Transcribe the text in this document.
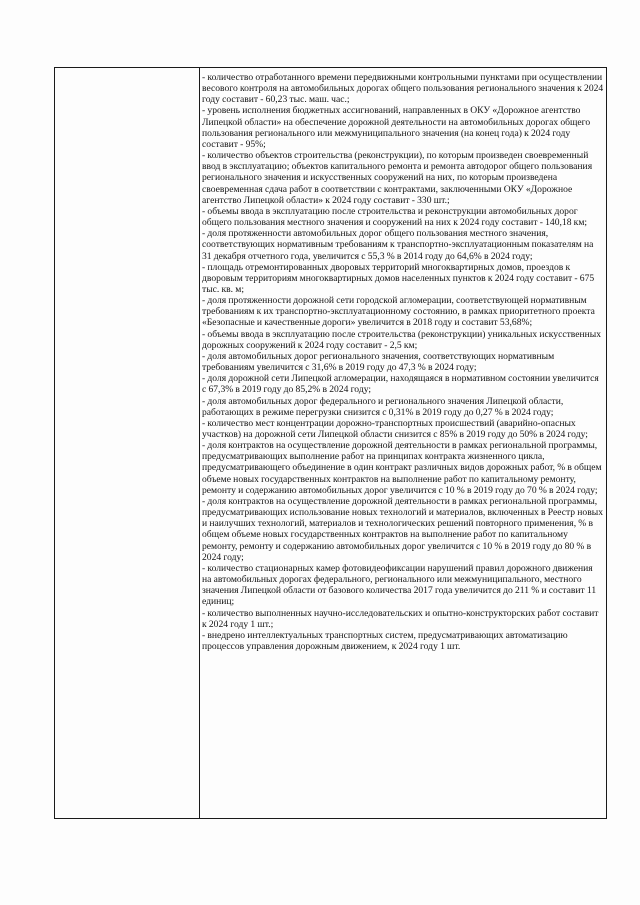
- количество отработанного времени передвижными контрольными пунктами при осуществлении весового контроля на автомобильных дорогах общего пользования регионального значения к 2024 году составит - 60,23 тыс. маш. час.;

- уровень исполнения бюджетных ассигнований, направленных в ОКУ «Дорожное агентство Липецкой области» на обеспечение дорожной деятельности на автомобильных дорогах общего пользования регионального или межмуниципального значения (на конец года) к 2024 году составит - 95%;

- количество объектов строительства (реконструкции), по которым произведен своевременный ввод в эксплуатацию; объектов капитального ремонта и ремонта автодорог общего пользования регионального значения и искусственных сооружений на них, по которым произведена своевременная сдача работ в соответствии с контрактами, заключенными ОКУ «Дорожное агентство Липецкой области» к 2024 году составит - 330 шт.;

- объемы ввода в эксплуатацию после строительства и реконструкции автомобильных дорог общего пользования местного значения и сооружений на них к 2024 году составит - 140,18 км;

- доля протяженности автомобильных дорог общего пользования местного значения, соответствующих нормативным требованиям к транспортно-эксплуатационным показателям на 31 декабря отчетного года, увеличится с 55,3 % в 2014 году до 64,6% в 2024 году;

- площадь отремонтированных дворовых территорий многоквартирных домов, проездов к дворовым территориям многоквартирных домов населенных пунктов к 2024 году составит - 675 тыс. кв. м;

- доля протяженности дорожной сети городской агломерации, соответствующей нормативным требованиям к их транспортно-эксплуатационному состоянию, в рамках приоритетного проекта «Безопасные и качественные дороги» увеличится в 2018 году и составит 53,68%;

- объемы ввода в эксплуатацию после строительства (реконструкции) уникальных искусственных дорожных сооружений к 2024 году составит - 2,5 км;

- доля автомобильных дорог регионального значения, соответствующих нормативным требованиям увеличится с 31,6% в 2019 году до 47,3 % в 2024 году;

- доля дорожной сети Липецкой агломерации, находящаяся в нормативном состоянии увеличится с 67,3% в 2019 году до 85,2% в 2024 году;

- доля автомобильных дорог федерального и регионального значения Липецкой области, работающих в режиме перегрузки снизится с 0,31% в 2019 году до 0,27 % в 2024 году;

- количество мест концентрации дорожно-транспортных происшествий (аварийно-опасных участков) на дорожной сети Липецкой области снизится с 85% в 2019 году до 50% в 2024 году;

- доля контрактов на осуществление дорожной деятельности в рамках региональной программы, предусматривающих выполнение работ на принципах контракта жизненного цикла, предусматривающего объединение в один контракт различных видов дорожных работ, % в общем объеме новых государственных контрактов на выполнение работ по капитальному ремонту, ремонту и содержанию автомобильных дорог увеличится с 10 % в 2019 году до 70 % в 2024 году;

- доля контрактов на осуществление дорожной деятельности в рамках региональной программы, предусматривающих использование новых технологий и материалов, включенных в Реестр новых и наилучших технологий, материалов и технологических решений повторного применения, % в общем объеме новых государственных контрактов на выполнение работ по капитальному ремонту, ремонту и содержанию автомобильных дорог увеличится с 10 % в 2019 году до 80 % в 2024 году;

- количество стационарных камер фотовидеофиксации нарушений правил дорожного движения на автомобильных дорогах федерального, регионального или межмуниципального, местного значения Липецкой области от базового количества 2017 года увеличится до 211 % и составит 11 единиц;

- количество выполненных научно-исследовательских и опытно-конструкторских работ составит к 2024 году 1 шт.;

- внедрено интеллектуальных транспортных систем, предусматривающих автоматизацию процессов управления дорожным движением, к 2024 году 1 шт.
